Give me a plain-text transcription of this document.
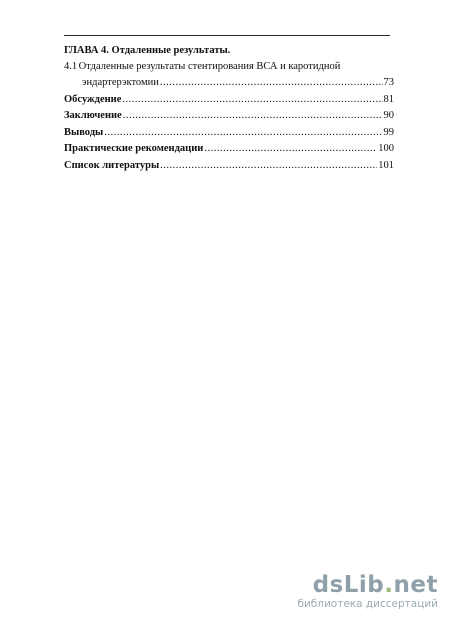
ГЛАВА 4. Отдаленные результаты.
4.1 Отдаленные результаты стентирования ВСА и каротидной
эндартерэктомии .....	73
Обсуждение .....	81
Заключение .....	90
Выводы .....	99
Практические рекомендации .....	100
Список литературы .....	101
dsLib.net
библиотека диссертаций
